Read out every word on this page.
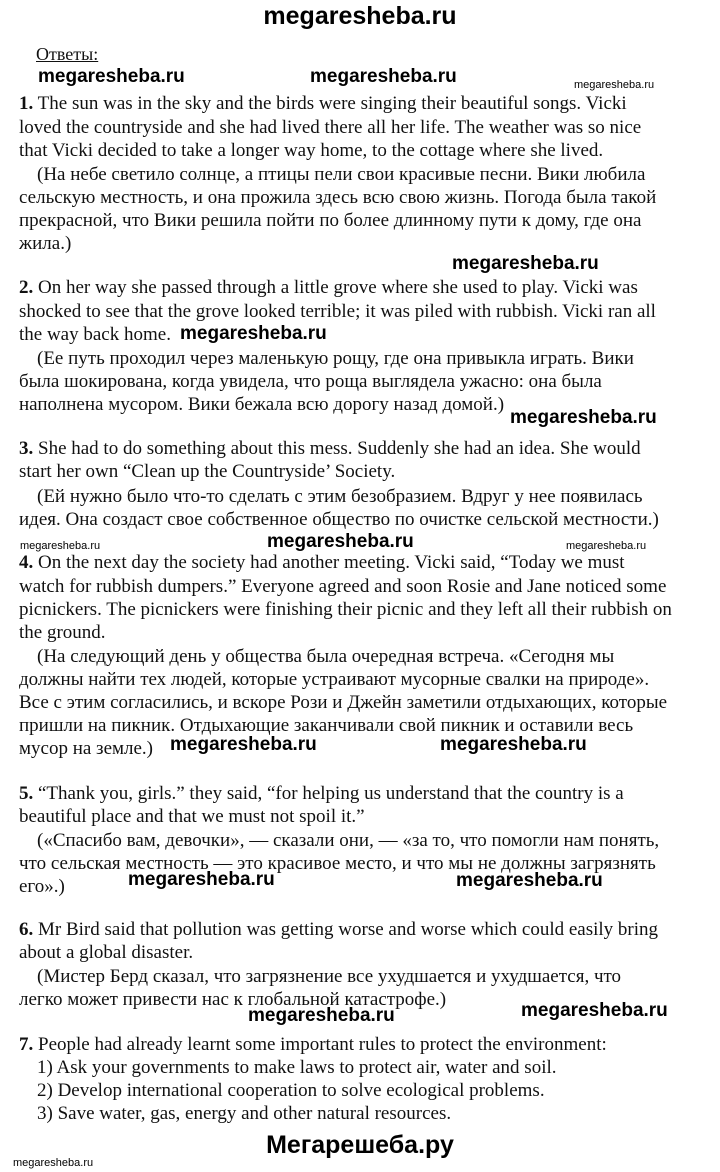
megaresheba.ru
Ответы:
1. The sun was in the sky and the birds were singing their beautiful songs. Vicki
loved the countryside and she had lived there all her life. The weather was so nice
that Vicki decided to take a longer way home, to the cottage where she lived.
(На небе светило солнце, а птицы пели свои красивые песни. Вики любила
сельскую местность, и она прожила здесь всю свою жизнь. Погода была такой
прекрасной, что Вики решила пойти по более длинному пути к дому, где она
жила.)
2. On her way she passed through a little grove where she used to play. Vicki was
shocked to see that the grove looked terrible; it was piled with rubbish. Vicki ran all
the way back home.
(Ее путь проходил через маленькую рощу, где она привыкла играть. Вики
была шокирована, когда увидела, что роща выглядела ужасно: она была
наполнена мусором. Вики бежала всю дорогу назад домой.)
3. She had to do something about this mess. Suddenly she had an idea. She would
start her own “Clean up the Countryside’ Society.
(Ей нужно было что-то сделать с этим безобразием. Вдруг у нее появилась
идея. Она создаст свое собственное общество по очистке сельской местности.)
4. On the next day the society had another meeting. Vicki said, “Today we must
watch for rubbish dumpers.” Everyone agreed and soon Rosie and Jane noticed some
picnickers. The picnickers were finishing their picnic and they left all their rubbish on
the ground.
(На следующий день у общества была очередная встреча. «Сегодня мы
должны найти тех людей, которые устраивают мусорные свалки на природе».
Все с этим согласились, и вскоре Рози и Джейн заметили отдыхающих, которые
пришли на пикник. Отдыхающие заканчивали свой пикник и оставили весь
мусор на земле.)
5. “Thank you, girls.” they said, “for helping us understand that the country is a
beautiful place and that we must not spoil it.”
(«Спасибо вам, девочки», — сказали они, — «за то, что помогли нам понять,
что сельская местность — это красивое место, и что мы не должны загрязнять
его».)
6. Mr Bird said that pollution was getting worse and worse which could easily bring
about a global disaster.
(Мистер Берд сказал, что загрязнение все ухудшается и ухудшается, что
легко может привести нас к глобальной катастрофе.)
7. People had already learnt some important rules to protect the environment:
1) Ask your governments to make laws to protect air, water and soil.
2) Develop international cooperation to solve ecological problems.
3) Save water, gas, energy and other natural resources.
megaresheba.ru	megaresheba.ru	megaresheba.ru
megaresheba.ru
megaresheba.ru
megaresheba.ru
megaresheba.ru	megaresheba.ru	megaresheba.ru
megaresheba.ru	megaresheba.ru
megaresheba.ru	megaresheba.ru
megaresheba.ru
megaresheba.ru
megaresheba.ru
Мегарешеба.ру
